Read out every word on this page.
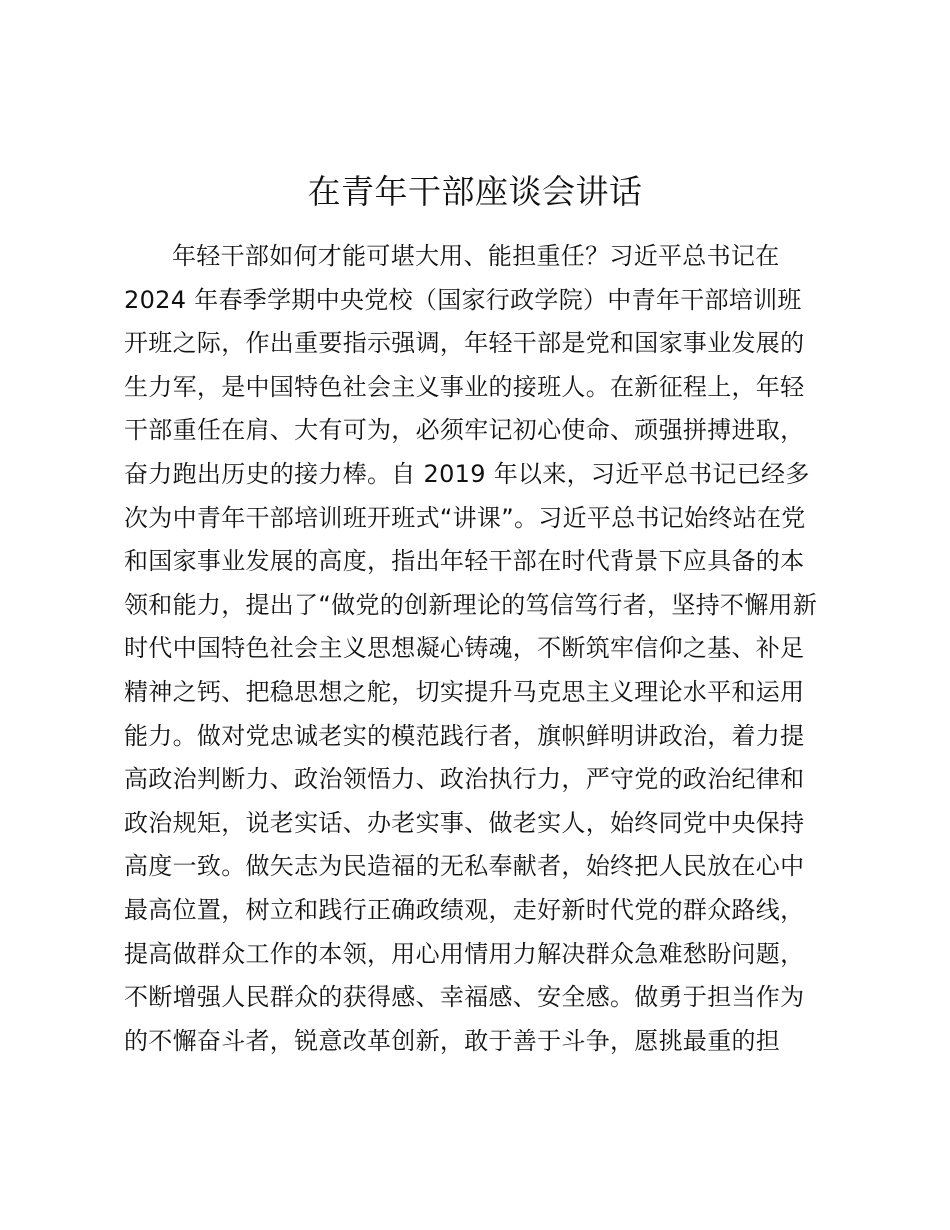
在青年干部座谈会讲话
年轻干部如何才能可堪大用、能担重任？习近平总书记在
2024 年春季学期中央党校（国家行政学院）中青年干部培训班
开班之际，作出重要指示强调，年轻干部是党和国家事业发展的
生力军，是中国特色社会主义事业的接班人。在新征程上，年轻
干部重任在肩、大有可为，必须牢记初心使命、顽强拼搏进取，
奋力跑出历史的接力棒。自 2019 年以来，习近平总书记已经多
次为中青年干部培训班开班式“讲课”。习近平总书记始终站在党
和国家事业发展的高度，指出年轻干部在时代背景下应具备的本
领和能力，提出了“做党的创新理论的笃信笃行者，坚持不懈用新
时代中国特色社会主义思想凝心铸魂，不断筑牢信仰之基、补足
精神之钙、把稳思想之舵，切实提升马克思主义理论水平和运用
能力。做对党忠诚老实的模范践行者，旗帜鲜明讲政治，着力提
高政治判断力、政治领悟力、政治执行力，严守党的政治纪律和
政治规矩，说老实话、办老实事、做老实人，始终同党中央保持
高度一致。做矢志为民造福的无私奉献者，始终把人民放在心中
最高位置，树立和践行正确政绩观，走好新时代党的群众路线，
提高做群众工作的本领，用心用情用力解决群众急难愁盼问题，
不断增强人民群众的获得感、幸福感、安全感。做勇于担当作为
的不懈奋斗者，锐意改革创新，敢于善于斗争，愿挑最重的担
